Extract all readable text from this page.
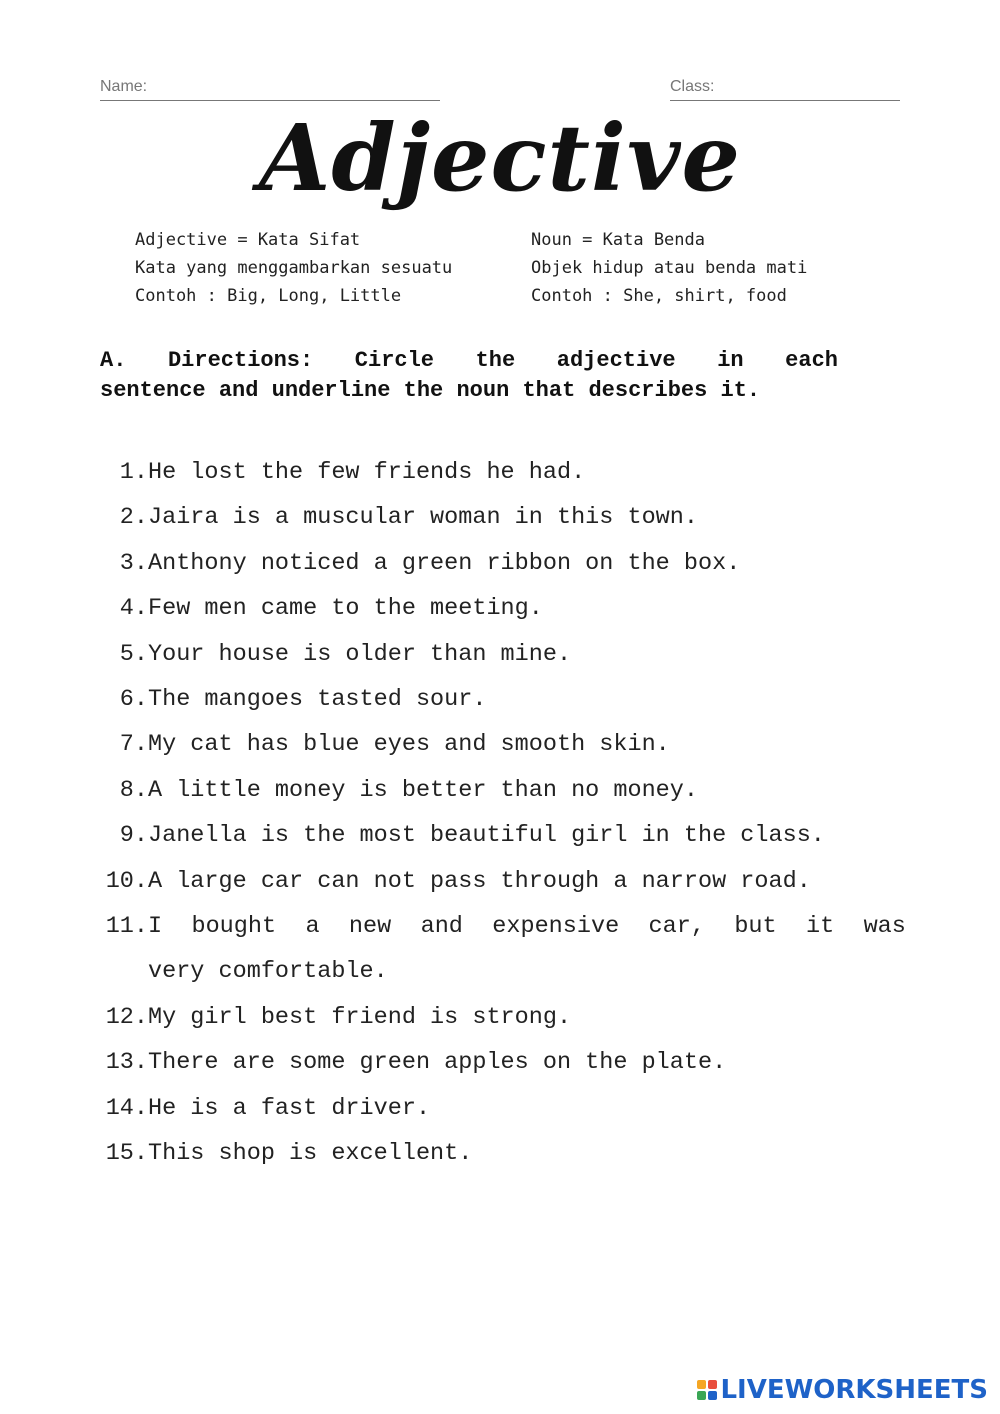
Name:	Class:
Adjective
Adjective = Kata Sifat
Kata yang menggambarkan sesuatu
Contoh : Big, Long, Little
Noun = Kata Benda
Objek hidup atau benda mati
Contoh : She, shirt, food
A. Directions: Circle the adjective in each
sentence and underline the noun that describes it.
1. He lost the few friends he had.
2. Jaira is a muscular woman in this town.
3. Anthony noticed a green ribbon on the box.
4. Few men came to the meeting.
5. Your house is older than mine.
6. The mangoes tasted sour.
7. My cat has blue eyes and smooth skin.
8. A little money is better than no money.
9. Janella is the most beautiful girl in the class.
10. A large car can not pass through a narrow road.
11. I bought a new and expensive car, but it was
very comfortable.
12. My girl best friend is strong.
13. There are some green apples on the plate.
14. He is a fast driver.
15. This shop is excellent.
LIVEWORKSHEETS
